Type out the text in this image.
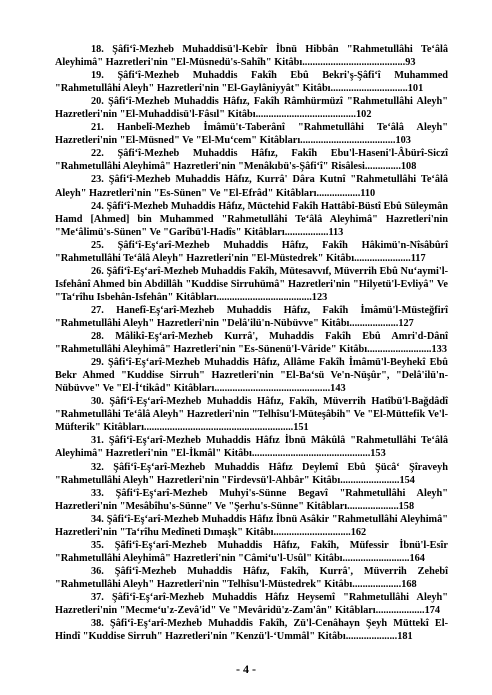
18. Şâfi‘î-Mezheb Muhaddisü'l-Kebîr İbnü Hibbân "Rahmetullâhi Te‘âlâ Aleyhimâ" Hazretleri'nin "El-Müsnedü's-Sahîh" Kitâbı........................................93

19. Şâfi‘î-Mezheb Muhaddis Fakîh Ebû Bekri'ş-Şâfi‘î Muhammed "Rahmetullâhi Aleyh" Hazretleri'nin "El-Gaylâniyyât" Kitâbı..............................101

20. Şâfi‘î-Mezheb Muhaddis Hâfız, Fakîh Râmhürmüzî "Rahmetullâhi Aleyh" Hazretleri'nin "El-Muhaddisü'l-Fâsıl" Kitâbı.......................................102

21. Hanbelî-Mezheb İmâmü't-Taberânî "Rahmetullâhi Te‘âlâ Aleyh" Hazretleri'nin "El-Müsned" Ve "El-Mu‘cem" Kitâbları.....................................103

22. Şâfi‘î-Mezheb Muhaddis Hâfız, Fakîh Ebu'l-Haseni'l-Âbürî-Siczî "Rahmetullâhi Aleyhimâ" Hazretleri'nin "Menâkıbü's-Şâfi‘î" Risâlesi..............108

23. Şâfi‘î-Mezheb Muhaddis Hâfız, Kurrâ' Dâra Kutnî "Rahmetullâhi Te‘âlâ Aleyh" Hazretleri'nin "Es-Sünen" Ve "El-Efrâd" Kitâbları.................110

24. Şâfi‘î-Mezheb Muhaddis Hâfız, Müctehid Fakîh Hattâbî-Büstî Ebû Süleymân Hamd [Ahmed] bin Muhammed "Rahmetullâhi Te‘âlâ Aleyhimâ" Hazretleri'nin "Me‘âlimü's-Sünen" Ve "Garîbü'l-Hadîs" Kitâbları.................113

25. Şâfi‘î-Eş‘arî-Mezheb Muhaddis Hâfız, Fakîh Hâkimü'n-Nîsâbûrî "Rahmetullâhi Te‘âlâ Aleyh" Hazretleri'nin "El-Müstedrek" Kitâbı......................117

26. Şâfi‘î-Eş‘arî-Mezheb Muhaddis Fakîh, Mütesavvıf, Müverrih Ebû Nu‘aymi'l-Isfehânî Ahmed bin Abdillâh "Kuddise Sirruhümâ" Hazretleri'nin "Hilyetü'l-Evliyâ" Ve "Ta‘rîhu Isbehân-Isfehân" Kitâbları.....................................123

27. Hanefî-Eş‘arî-Mezheb Muhaddis Hâfız, Fakîh İmâmü'l-Müsteğfirî "Rahmetullâhi Aleyh" Hazretleri'nin "Delâ'ilü'n-Nübüvve" Kitâbı...................127

28. Mâlikî-Eş‘arî-Mezheb Kurrâ', Muhaddis Fakîh Ebû Amri'd-Dânî "Rahmetullâhi Aleyhimâ" Hazretleri'nin "Es-Sünenü'l-Vâride" Kitâbı.........................133

29. Şâfi‘î-Eş‘arî-Mezheb Muhaddis Hâfız, Allâme Fakîh İmâmü'l-Beyhekî Ebû Bekr Ahmed "Kuddise Sirruh" Hazretleri'nin "El-Ba‘sü Ve'n-Nüşûr", "Delâ'ilü'n-Nübüvve" Ve "El-İ‘tikâd" Kitâbları.............................................143

30. Şâfi‘î-Eş‘arî-Mezheb Muhaddis Hâfız, Fakîh, Müverrih Hatîbü'l-Bağdâdî "Rahmetullâhi Te‘âlâ Aleyh" Hazretleri'nin "Telhîsu'l-Müteşâbih" Ve "El-Müttefik Ve'l-Müfterik" Kitâbları..........................................................151

31. Şâfi‘î-Eş‘arî-Mezheb Muhaddis Hâfız İbnü Mâkûlâ "Rahmetullâhi Te‘âlâ Aleyhimâ" Hazretleri'nin "El-İkmâl" Kitâbı..............................................153

32. Şâfi‘î-Eş‘arî-Mezheb Muhaddis Hâfız Deylemî Ebû Şücâ‘ Şîraveyh "Rahmetullâhi Aleyh" Hazretleri'nin "Firdevsü'l-Ahbâr" Kitâbı.......................154

33. Şâfi‘î-Eş‘arî-Mezheb Muhyi's-Sünne Begavî "Rahmetullâhi Aleyh" Hazretleri'nin "Mesâbîhu's-Sünne" Ve "Şerhu's-Sünne" Kitâbları....................158

34. Şâfi‘î-Eş‘arî-Mezheb Muhaddis Hâfız İbnü Asâkir "Rahmetullâhi Aleyhimâ" Hazretleri'nin "Ta‘rîhu Medîneti Dımaşk" Kitâbı..............................162

35. Şâfi‘î-Eş‘arî-Mezheb Muhaddis Hâfız, Fakîh, Müfessir İbnü'l-Esîr "Rahmetullâhi Aleyhimâ" Hazretleri'nin "Câmi‘u'l-Usûl" Kitâbı..........................164

36. Şâfi‘î-Mezheb Muhaddis Hâfız, Fakîh, Kurrâ', Müverrih Zehebî "Rahmetullâhi Aleyh" Hazretleri'nin "Telhîsu'l-Müstedrek" Kitâbı...................168

37. Şâfi‘î-Eş‘arî-Mezheb Muhaddis Hâfız Heysemî "Rahmetullâhi Aleyh" Hazretleri'nin "Mecme‘u'z-Zevâ'id" Ve "Mevâridü'z-Zam'ân" Kitâbları...................174

38. Şâfi‘î-Eş‘arî-Mezheb Muhaddis Fakîh, Zü'l-Cenâhayn Şeyh Müttekî El-Hindî "Kuddise Sirruh" Hazretleri'nin "Kenzü'l-‘Ummâl" Kitâbı....................181

- 4 -
